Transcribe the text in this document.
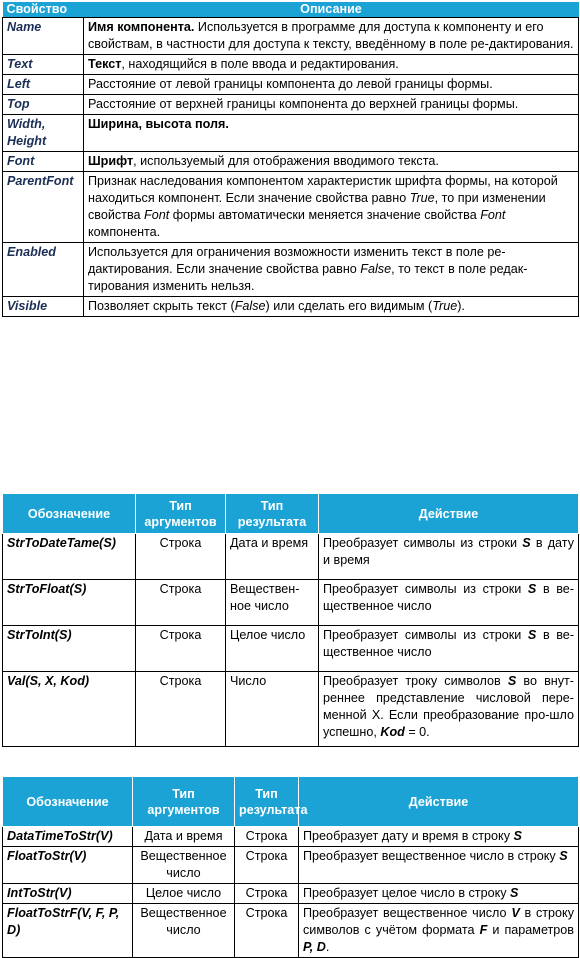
Свойство	Описание
Name	Имя компонента. Используется в программе для доступа к компоненту и его свойствам, в частности для доступа к тексту, введённому в поле ре-дактирования.
Text	Текст, находящийся в поле ввода и редактирования.
Left	Расстояние от левой границы компонента до левой границы формы.
Top	Расстояние от верхней границы компонента до верхней границы формы.
Width, Height	Ширина, высота поля.
Font	Шрифт, используемый для отображения вводимого текста.
ParentFont	Признак наследования компонентом характеристик шрифта формы, на которой находиться компонент. Если значение свойства равно True, то при изменении свойства Font формы автоматически меняется значение свойства Font компонента.
Enabled	Используется для ограничения возможности изменить текст в поле ре-дактирования. Если значение свойства равно False, то текст в поле редак-тирования изменить нельзя.
Visible	Позволяет скрыть текст (False) или сделать его видимым (True).
Обозначение	Тип аргументов	Тип результата	Действие
StrToDateTame(S)	Строка	Дата и время	Преобразует символы из строки S в дату и время
StrToFloat(S)	Строка	Веществен-ное число	Преобразует символы из строки S в ве-щественное число
StrToInt(S)	Строка	Целое число	Преобразует символы из строки S в ве-щественное число
Val(S, X, Kod)	Строка	Число	Преобразует троку символов S во внут-реннее представление числовой пере-менной X. Если преобразование про-шло успешно, Kod = 0.
Обозначение	Тип аргументов	Тип результата	Действие
DataTimeToStr(V)	Дата и время	Строка	Преобразует дату и время в строку S
FloatToStr(V)	Вещественное число	Строка	Преобразует вещественное число в строку S
IntToStr(V)	Целое число	Строка	Преобразует целое число в строку S
FloatToStrF(V, F, P, D)	Вещественное число	Строка	Преобразует вещественное число V в строку символов с учётом формата F и параметров P, D.
